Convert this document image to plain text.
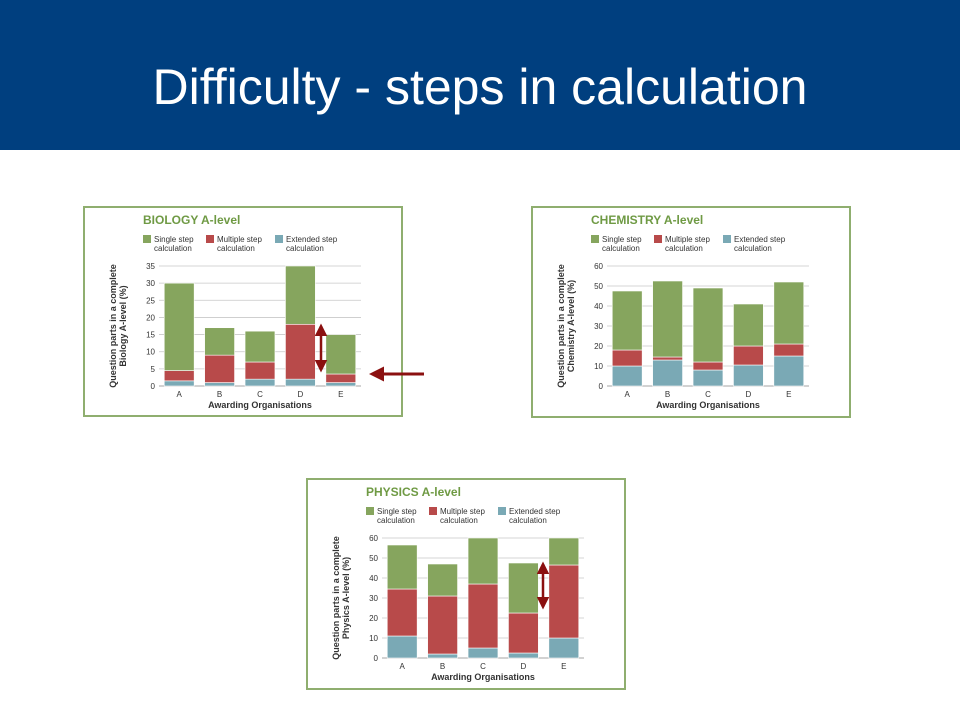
Difficulty - steps in calculation
BIOLOGY A-level
Single step
calculation
Multiple step
calculation
Extended step
calculation
0
5
10
15
20
25
30
35
A	B	C	D	E
Awarding Organisations
Question parts in a complete Biology A-level (%)
CHEMISTRY A-level
Single step
calculation
Multiple step
calculation
Extended step
calculation
0
10
20
30
40
50
60
A	B	C	D	E
Awarding Organisations
Question parts in a complete Chemistry A-level (%)
PHYSICS A-level
Single step
calculation
Multiple step
calculation
Extended step
calculation
0
10
20
30
40
50
60
A	B	C	D	E
Awarding Organisations
Question parts in a complete Physics A-level (%)
